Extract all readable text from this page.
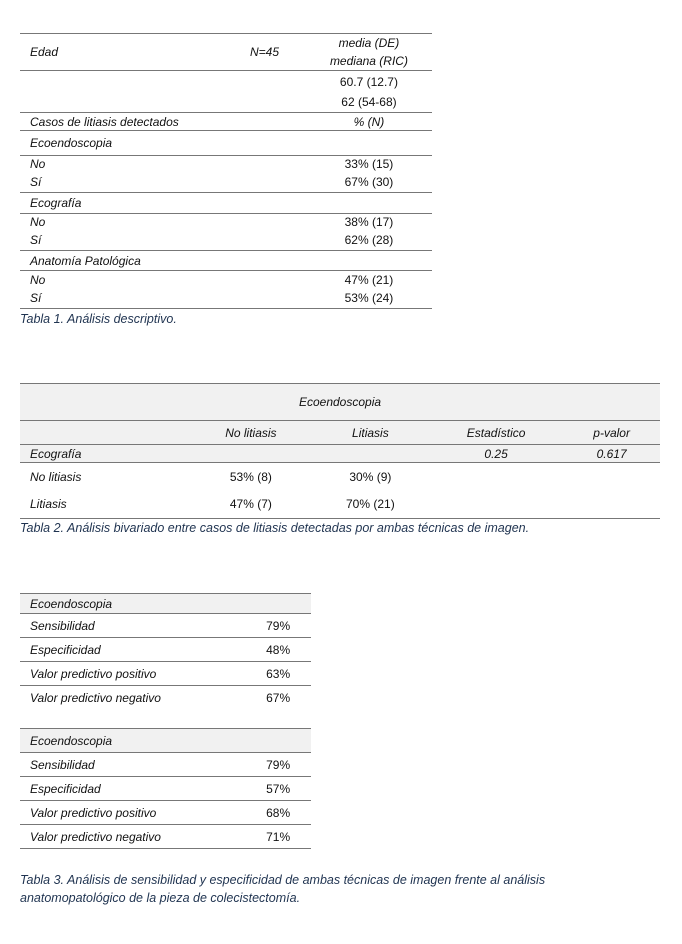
Edad	N=45	media (DE)
mediana (RIC)

		60.7 (12.7)
62 (54-68)

Casos de litiasis detectados		% (N)
Ecoendoscopia		
No		33% (15)
Sí		67% (30)
Ecografía		
No		38% (17)
Sí		62% (28)
Anatomía Patológica		
No		47% (21)
Sí		53% (24)
Tabla 1. Análisis descriptivo.
Ecoendoscopia				
	No litiasis	Litiasis	Estadístico	p-valor
Ecografía			0.25	0.617
No litiasis	53% (8)	30% (9)		
Litiasis	47% (7)	70% (21)		
Tabla 2. Análisis bivariado entre casos de litiasis detectadas por ambas técnicas de imagen.
Ecoendoscopia	
Sensibilidad	79%
Especificidad	48%
Valor predictivo positivo	63%
Valor predictivo negativo	67%
Ecoendoscopia	
Sensibilidad	79%
Especificidad	57%
Valor predictivo positivo	68%
Valor predictivo negativo	71%
Tabla 3. Análisis de sensibilidad y especificidad de ambas técnicas de imagen frente al análisis
anatomopatológico de la pieza de colecistectomía.
